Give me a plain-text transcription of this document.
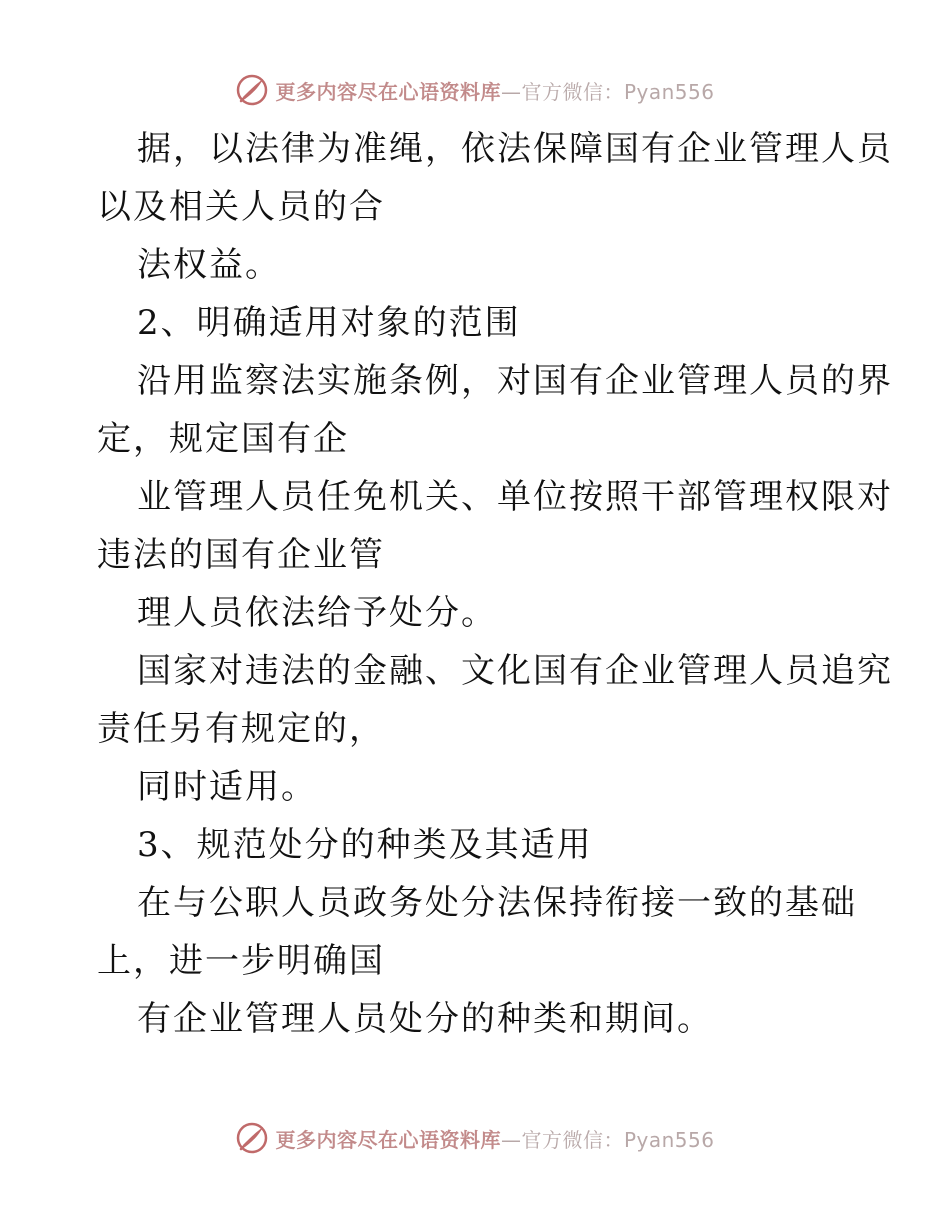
更多内容尽在心语资料库—官方微信：Pyan556
据，以法律为准绳，依法保障国有企业管理人员
以及相关人员的合
法权益。
2、明确适用对象的范围
沿用监察法实施条例，对国有企业管理人员的界
定，规定国有企
业管理人员任免机关、单位按照干部管理权限对
违法的国有企业管
理人员依法给予处分。
国家对违法的金融、文化国有企业管理人员追究
责任另有规定的，
同时适用。
3、规范处分的种类及其适用
在与公职人员政务处分法保持衔接一致的基础
上，进一步明确国
有企业管理人员处分的种类和期间。
更多内容尽在心语资料库—官方微信：Pyan556
